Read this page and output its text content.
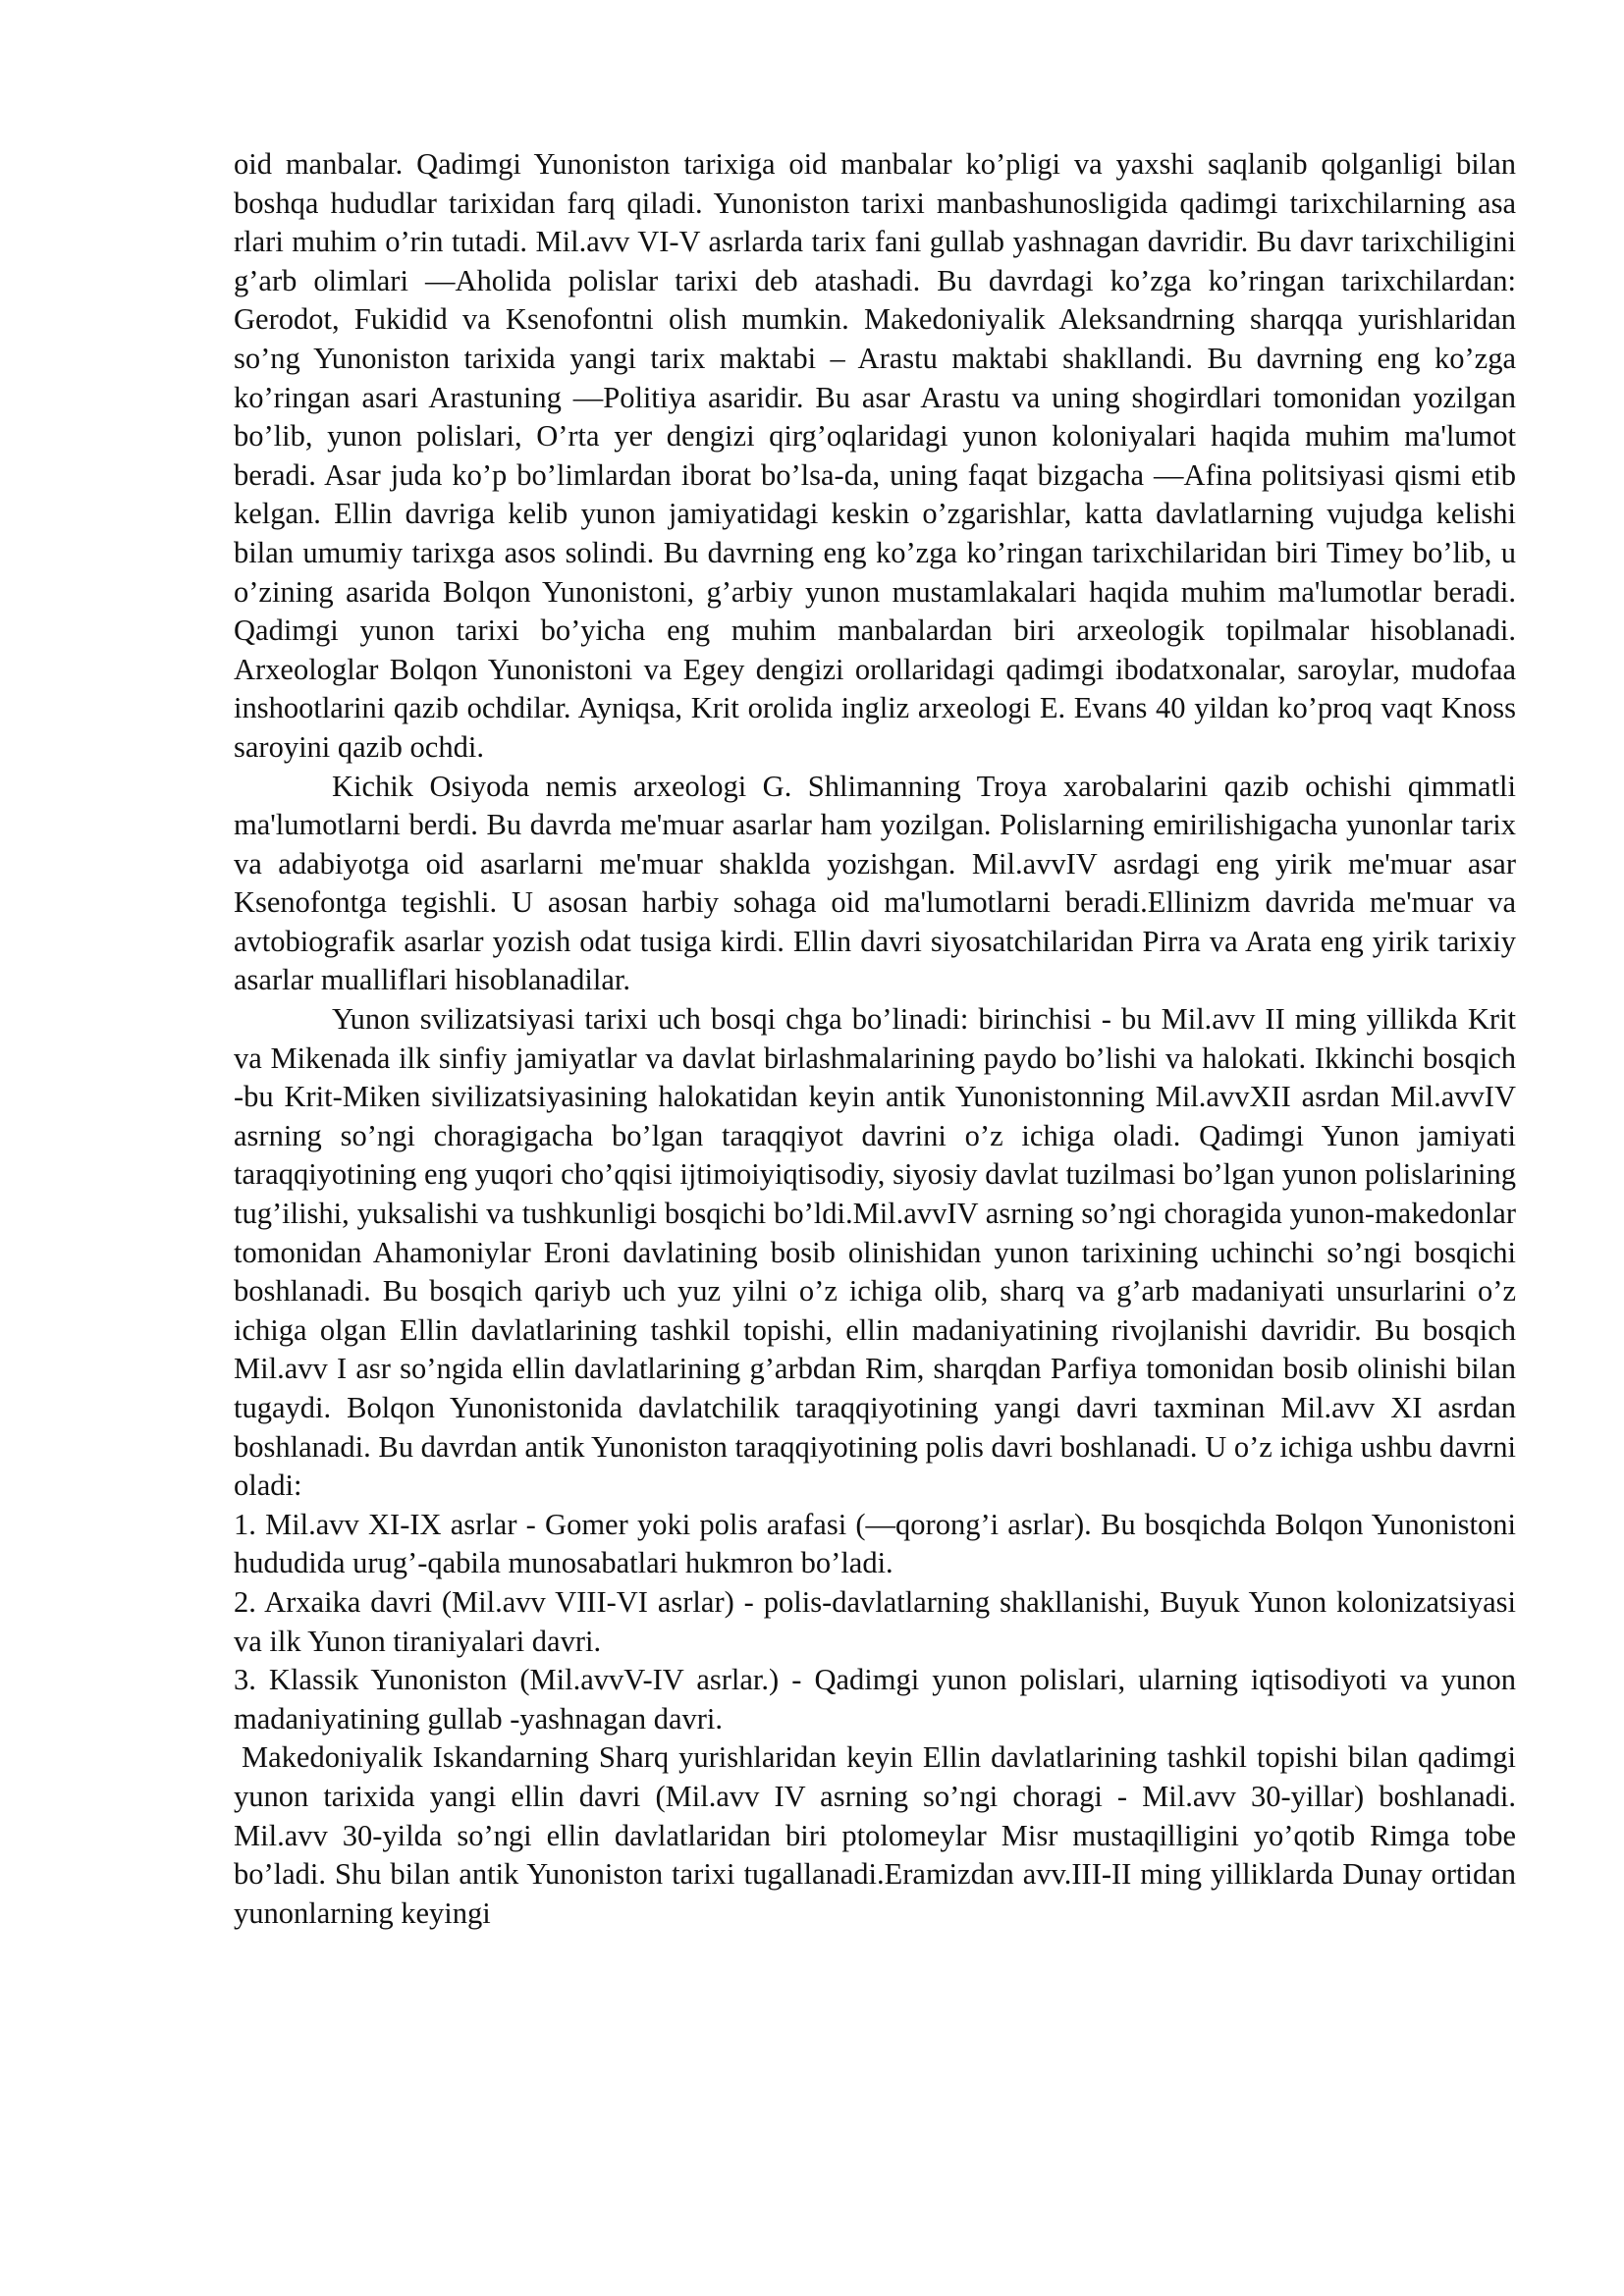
oid manbalar. Qadimgi Yunoniston tarixiga oid manbalar ko’pligi va yaxshi saqlanib qolganligi bilan boshqa hududlar tarixidan farq qiladi. Yunoniston tarixi manbashunosligida qadimgi tarixchilarning asa rlari muhim o’rin tutadi. Mil.avv VI-V asrlarda tarix fani gullab yashnagan davridir. Bu davr tarixchiligini g’arb olimlari ―Aholida polislar tarixi deb atashadi. Bu davrdagi ko’zga ko’ringan tarixchilardan: Gerodot, Fukidid va Ksenofontni olish mumkin. Makedoniyalik Aleksandrning sharqqa yurishlaridan so’ng Yunoniston tarixida yangi tarix maktabi – Arastu maktabi shakllandi. Bu davrning eng ko’zga ko’ringan asari Arastuning ―Politiya asaridir. Bu asar Arastu va uning shogirdlari tomonidan yozilgan bo’lib, yunon polislari, O’rta yer dengizi qirg’oqlaridagi yunon koloniyalari haqida muhim ma'lumot beradi. Asar juda ko’p bo’limlardan iborat bo’lsa-da, uning faqat bizgacha ―Afina politsiyasi qismi etib kelgan. Ellin davriga kelib yunon jamiyatidagi keskin o’zgarishlar, katta davlatlarning vujudga kelishi bilan umumiy tarixga asos solindi. Bu davrning eng ko’zga ko’ringan tarixchilaridan biri Timey bo’lib, u o’zining asarida Bolqon Yunonistoni, g’arbiy yunon mustamlakalari haqida muhim ma'lumotlar beradi. Qadimgi yunon tarixi bo’yicha eng muhim manbalardan biri arxeologik topilmalar hisoblanadi. Arxeologlar Bolqon Yunonistoni va Egey dengizi orollaridagi qadimgi ibodatxonalar, saroylar, mudofaa inshootlarini qazib ochdilar. Ayniqsa, Krit orolida ingliz arxeologi E. Evans 40 yildan ko’proq vaqt Knoss saroyini qazib ochdi.

Kichik Osiyoda nemis arxeologi G. Shlimanning Troya xarobalarini qazib ochishi qimmatli ma'lumotlarni berdi. Bu davrda me'muar asarlar ham yozilgan. Polislarning emirilishigacha yunonlar tarix va adabiyotga oid asarlarni me'muar shaklda yozishgan. Mil.avvIV asrdagi eng yirik me'muar asar Ksenofontga tegishli. U asosan harbiy sohaga oid ma'lumotlarni beradi.Ellinizm davrida me'muar va avtobiografik asarlar yozish odat tusiga kirdi. Ellin davri siyosatchilaridan Pirra va Arata eng yirik tarixiy asarlar mualliflari hisoblanadilar.

Yunon svilizatsiyasi tarixi uch bosqi chga bo’linadi: birinchisi - bu Mil.avv II ming yillikda Krit va Mikenada ilk sinfiy jamiyatlar va davlat birlashmalarining paydo bo’lishi va halokati. Ikkinchi bosqich -bu Krit-Miken sivilizatsiyasining halokatidan keyin antik Yunonistonning Mil.avvXII asrdan Mil.avvIV asrning so’ngi choragigacha bo’lgan taraqqiyot davrini o’z ichiga oladi. Qadimgi Yunon jamiyati taraqqiyotining eng yuqori cho’qqisi ijtimoiyiqtisodiy, siyosiy davlat tuzilmasi bo’lgan yunon polislarining tug’ilishi, yuksalishi va tushkunligi bosqichi bo’ldi.Mil.avvIV asrning so’ngi choragida yunon-makedonlar tomonidan Ahamoniylar Eroni davlatining bosib olinishidan yunon tarixining uchinchi so’ngi bosqichi boshlanadi. Bu bosqich qariyb uch yuz yilni o’z ichiga olib, sharq va g’arb madaniyati unsurlarini o’z ichiga olgan Ellin davlatlarining tashkil topishi, ellin madaniyatining rivojlanishi davridir. Bu bosqich Mil.avv I asr so’ngida ellin davlatlarining g’arbdan Rim, sharqdan Parfiya tomonidan bosib olinishi bilan tugaydi. Bolqon Yunonistonida davlatchilik taraqqiyotining yangi davri taxminan Mil.avv XI asrdan boshlanadi. Bu davrdan antik Yunoniston taraqqiyotining polis davri boshlanadi. U o’z ichiga ushbu davrni oladi:

1. Mil.avv XI-IX asrlar - Gomer yoki polis arafasi (―qorong’i asrlar). Bu bosqichda Bolqon Yunonistoni hududida urug’-qabila munosabatlari hukmron bo’ladi.

2. Arxaika davri (Mil.avv VIII-VI asrlar) - polis-davlatlarning shakllanishi, Buyuk Yunon kolonizatsiyasi va ilk Yunon tiraniyalari davri.

3. Klassik Yunoniston (Mil.avvV-IV asrlar.) - Qadimgi yunon polislari, ularning iqtisodiyoti va yunon madaniyatining gullab -yashnagan davri.

Makedoniyalik Iskandarning Sharq yurishlaridan keyin Ellin davlatlarining tashkil topishi bilan qadimgi yunon tarixida yangi ellin davri (Mil.avv IV asrning so’ngi choragi - Mil.avv 30-yillar) boshlanadi. Mil.avv 30-yilda so’ngi ellin davlatlaridan biri ptolomeylar Misr mustaqilligini yo’qotib Rimga tobe bo’ladi. Shu bilan antik Yunoniston tarixi tugallanadi.Eramizdan avv.III-II ming yilliklarda Dunay ortidan yunonlarning keyingi
